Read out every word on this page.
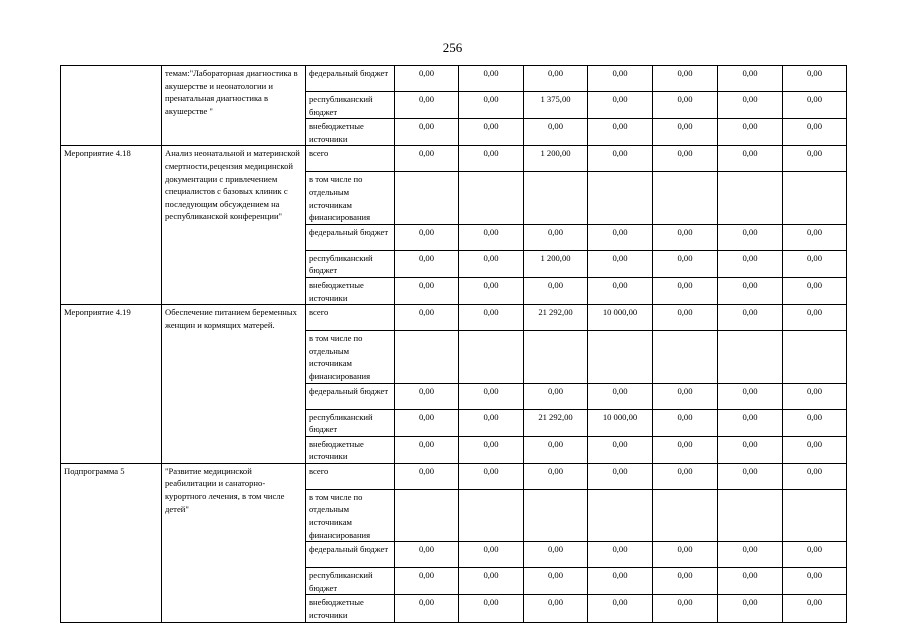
256
	темам:"Лабораторная диагностика в акушерстве и неонатологии и пренатальная диагностика в акушерстве "	федеральный бюджет	0,00	0,00	0,00	0,00	0,00	0,00	0,00
		республиканский бюджет	0,00	0,00	1 375,00	0,00	0,00	0,00	0,00
		внебюджетные источники	0,00	0,00	0,00	0,00	0,00	0,00	0,00
Мероприятие 4.18	Анализ неонатальной и материнской смертности,рецензия медицинской документации с привлечением специалистов с базовых клиник с последующим обсуждением на республиканской конференции"	всего	0,00	0,00	1 200,00	0,00	0,00	0,00	0,00
		в том числе по отдельным источникам финансирования							
		федеральный бюджет	0,00	0,00	0,00	0,00	0,00	0,00	0,00
		республиканский бюджет	0,00	0,00	1 200,00	0,00	0,00	0,00	0,00
		внебюджетные источники	0,00	0,00	0,00	0,00	0,00	0,00	0,00
Мероприятие 4.19	Обеспечение питанием беременных женщин и кормящих матерей.	всего	0,00	0,00	21 292,00	10 000,00	0,00	0,00	0,00
		в том числе по отдельным источникам финансирования							
		федеральный бюджет	0,00	0,00	0,00	0,00	0,00	0,00	0,00
		республиканский бюджет	0,00	0,00	21 292,00	10 000,00	0,00	0,00	0,00
		внебюджетные источники	0,00	0,00	0,00	0,00	0,00	0,00	0,00
Подпрограмма 5	"Развитие медицинской реабилитации и санаторно-курортного лечения, в том числе детей"	всего	0,00	0,00	0,00	0,00	0,00	0,00	0,00
		в том числе по отдельным источникам финансирования							
		федеральный бюджет	0,00	0,00	0,00	0,00	0,00	0,00	0,00
		республиканский бюджет	0,00	0,00	0,00	0,00	0,00	0,00	0,00
		внебюджетные источники	0,00	0,00	0,00	0,00	0,00	0,00	0,00
